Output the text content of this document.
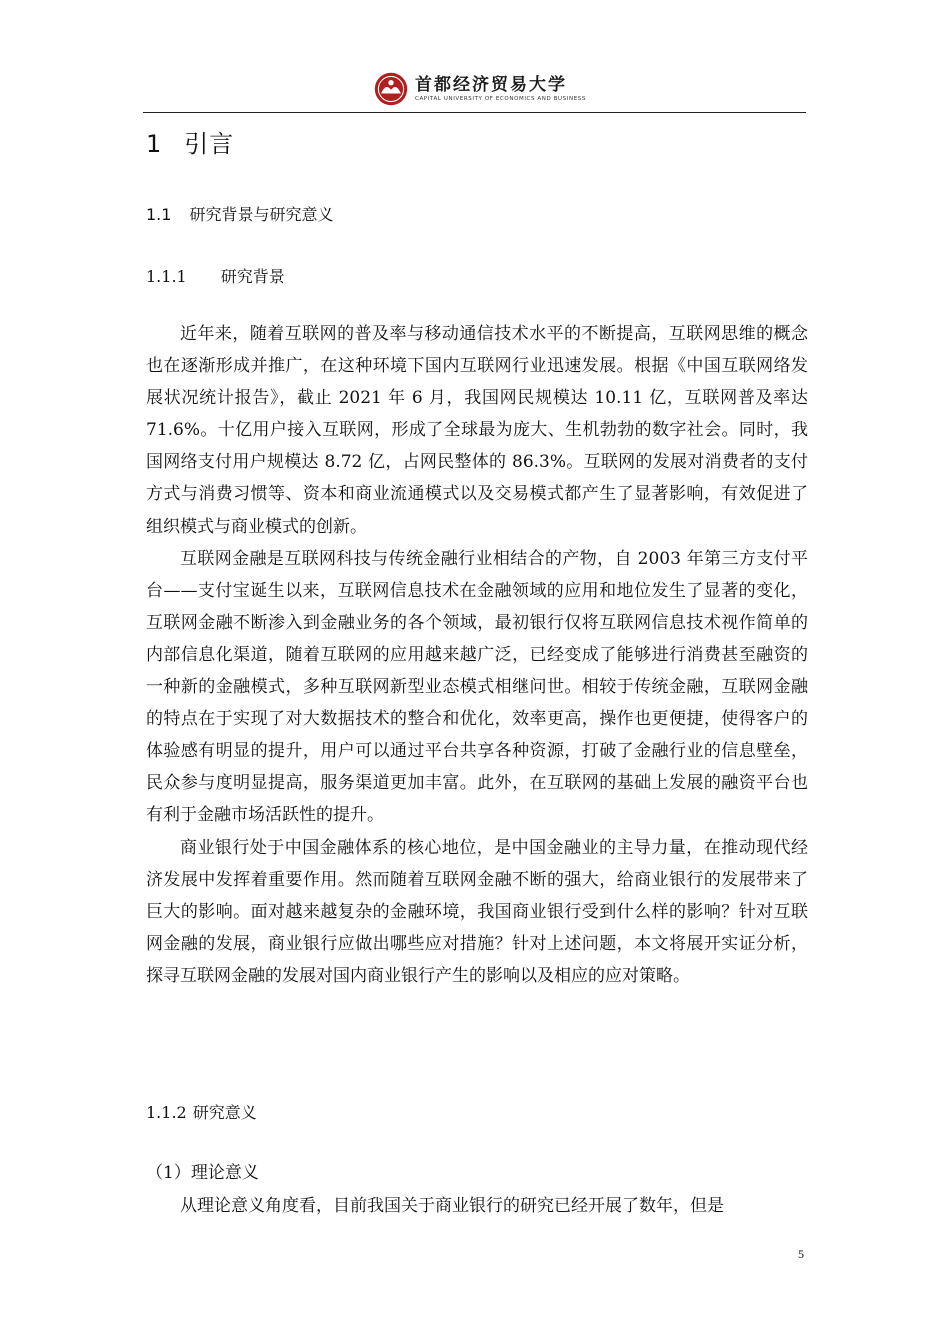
首都经济贸易大学
CAPITAL UNIVERSITY OF ECONOMICS AND BUSINESS
1 引言
1.1 研究背景与研究意义
1.1.1 研究背景

近年来，随着互联网的普及率与移动通信技术水平的不断提高，互联网思维的概念也在逐渐形成并推广，在这种环境下国内互联网行业迅速发展。根据《中国互联网络发展状况统计报告》，截止 2021 年 6 月，我国网民规模达 10.11 亿，互联网普及率达 71.6%。十亿用户接入互联网，形成了全球最为庞大、生机勃勃的数字社会。同时，我国网络支付用户规模达 8.72 亿，占网民整体的 86.3%。互联网的发展对消费者的支付方式与消费习惯等、资本和商业流通模式以及交易模式都产生了显著影响，有效促进了组织模式与商业模式的创新。

互联网金融是互联网科技与传统金融行业相结合的产物，自 2003 年第三方支付平台——支付宝诞生以来，互联网信息技术在金融领域的应用和地位发生了显著的变化，互联网金融不断渗入到金融业务的各个领域，最初银行仅将互联网信息技术视作简单的内部信息化渠道，随着互联网的应用越来越广泛，已经变成了能够进行消费甚至融资的一种新的金融模式，多种互联网新型业态模式相继问世。相较于传统金融，互联网金融的特点在于实现了对大数据技术的整合和优化，效率更高，操作也更便捷，使得客户的体验感有明显的提升，用户可以通过平台共享各种资源，打破了金融行业的信息壁垒，民众参与度明显提高，服务渠道更加丰富。此外，在互联网的基础上发展的融资平台也有利于金融市场活跃性的提升。

商业银行处于中国金融体系的核心地位，是中国金融业的主导力量，在推动现代经济发展中发挥着重要作用。然而随着互联网金融不断的强大，给商业银行的发展带来了巨大的影响。面对越来越复杂的金融环境，我国商业银行受到什么样的影响？针对互联网金融的发展，商业银行应做出哪些应对措施？针对上述问题，本文将展开实证分析，探寻互联网金融的发展对国内商业银行产生的影响以及相应的应对策略。

1.1.2 研究意义
（1）理论意义

从理论意义角度看，目前我国关于商业银行的研究已经开展了数年，但是

5
